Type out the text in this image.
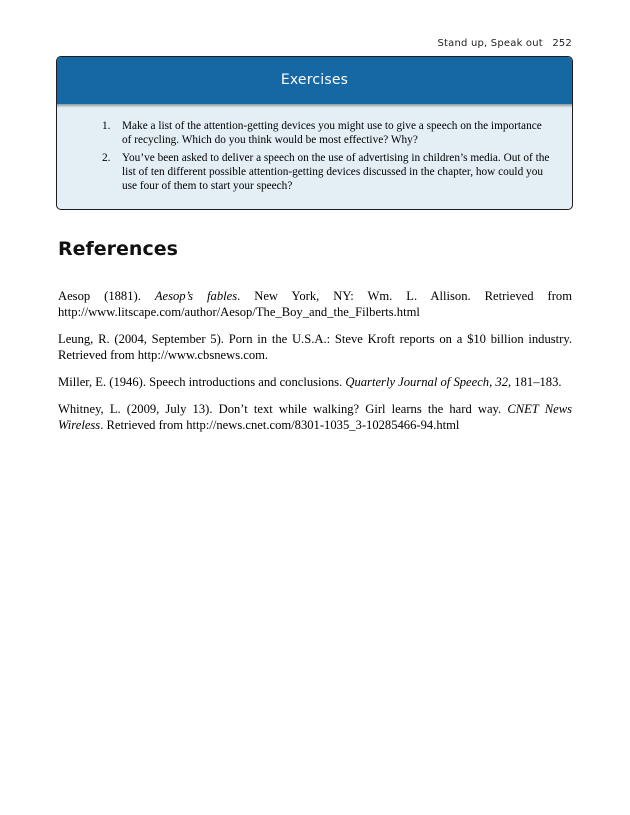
Stand up, Speak out 252
Exercises
1. Make a list of the attention-getting devices you might use to give a speech on the importance of recycling. Which do you think would be most effective? Why?
2. You’ve been asked to deliver a speech on the use of advertising in children’s media. Out of the list of ten different possible attention-getting devices discussed in the chapter, how could you use four of them to start your speech?
References

Aesop (1881). Aesop’s fables. New York, NY: Wm. L. Allison. Retrieved from http://www.litscape.com/author/Aesop/The_Boy_and_the_Filberts.html

Leung, R. (2004, September 5). Porn in the U.S.A.: Steve Kroft reports on a $10 billion industry. Retrieved from http://www.cbsnews.com.

Miller, E. (1946). Speech introductions and conclusions. Quarterly Journal of Speech, 32, 181–183.

Whitney, L. (2009, July 13). Don’t text while walking? Girl learns the hard way. CNET News Wireless. Retrieved from http://news.cnet.com/8301-1035_3-10285466-94.html
